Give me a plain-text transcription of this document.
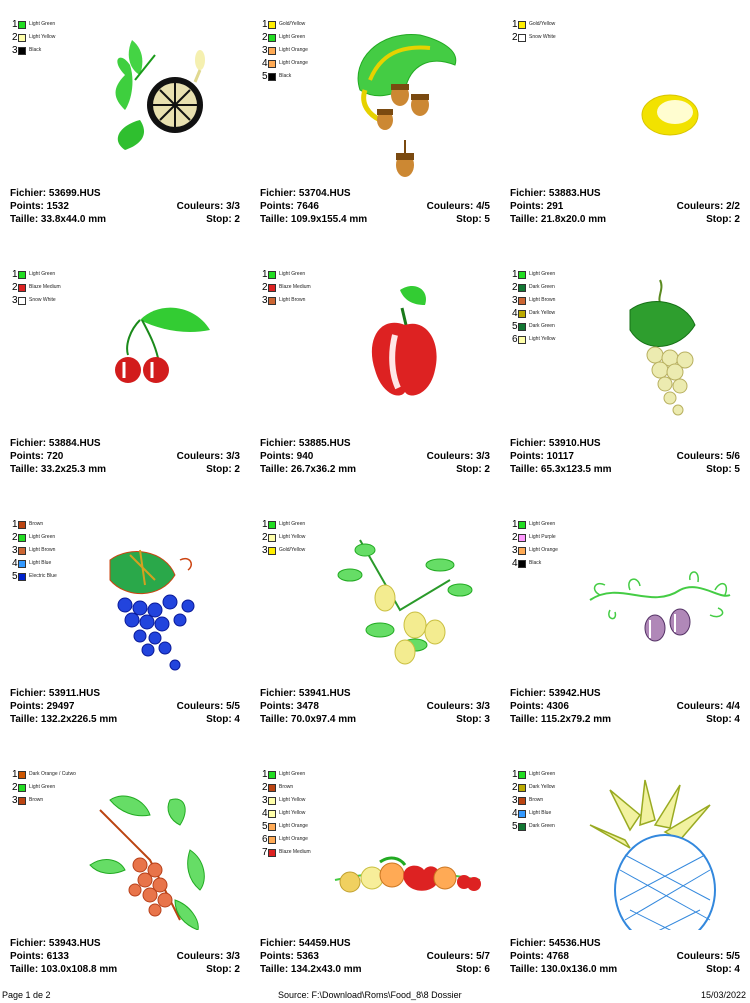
1 Light Green
2 Light Yellow
3 Black
Fichier: 53699.HUS
Points: 1532	Couleurs: 3/3
Taille: 33.8x44.0 mm	Stop: 2
1 Gold/Yellow
2 Light Green
3 Light Orange
4 Light Orange
5 Black
Fichier: 53704.HUS
Points: 7646	Couleurs: 4/5
Taille: 109.9x155.4 mm	Stop: 5
1 Gold/Yellow
2 Snow White
Fichier: 53883.HUS
Points: 291	Couleurs: 2/2
Taille: 21.8x20.0 mm	Stop: 2
1 Light Green
2 Blaze Medium
3 Snow White
Fichier: 53884.HUS
Points: 720	Couleurs: 3/3
Taille: 33.2x25.3 mm	Stop: 2
1 Light Green
2 Blaze Medium
3 Light Brown
Fichier: 53885.HUS
Points: 940	Couleurs: 3/3
Taille: 26.7x36.2 mm	Stop: 2
1 Light Green
2 Dark Green
3 Light Brown
4 Dark Yellow
5 Dark Green
6 Light Yellow
Fichier: 53910.HUS
Points: 10117	Couleurs: 5/6
Taille: 65.3x123.5 mm	Stop: 5
1 Brown
2 Light Green
3 Light Brown
4 Light Blue
5 Electric Blue
Fichier: 53911.HUS
Points: 29497	Couleurs: 5/5
Taille: 132.2x226.5 mm	Stop: 4
1 Light Green
2 Light Yellow
3 Gold/Yellow
Fichier: 53941.HUS
Points: 3478	Couleurs: 3/3
Taille: 70.0x97.4 mm	Stop: 3
1 Light Green
2 Light Purple
3 Light Orange
4 Black
Fichier: 53942.HUS
Points: 4306	Couleurs: 4/4
Taille: 115.2x79.2 mm	Stop: 4
1 Dark Orange / Cutwo
2 Light Green
3 Brown
Fichier: 53943.HUS
Points: 6133	Couleurs: 3/3
Taille: 103.0x108.8 mm	Stop: 2
1 Light Green
2 Brown
3 Light Yellow
4 Light Yellow
5 Light Orange
6 Light Orange
7 Blaze Medium
Fichier: 54459.HUS
Points: 5363	Couleurs: 5/7
Taille: 134.2x43.0 mm	Stop: 6
1 Light Green
2 Dark Yellow
3 Brown
4 Light Blue
5 Dark Green
Fichier: 54536.HUS
Points: 4768	Couleurs: 5/5
Taille: 130.0x136.0 mm	Stop: 4
Page 1 de 2	Source: F:\Download\Roms\Food_8\8 Dossier	15/03/2022
